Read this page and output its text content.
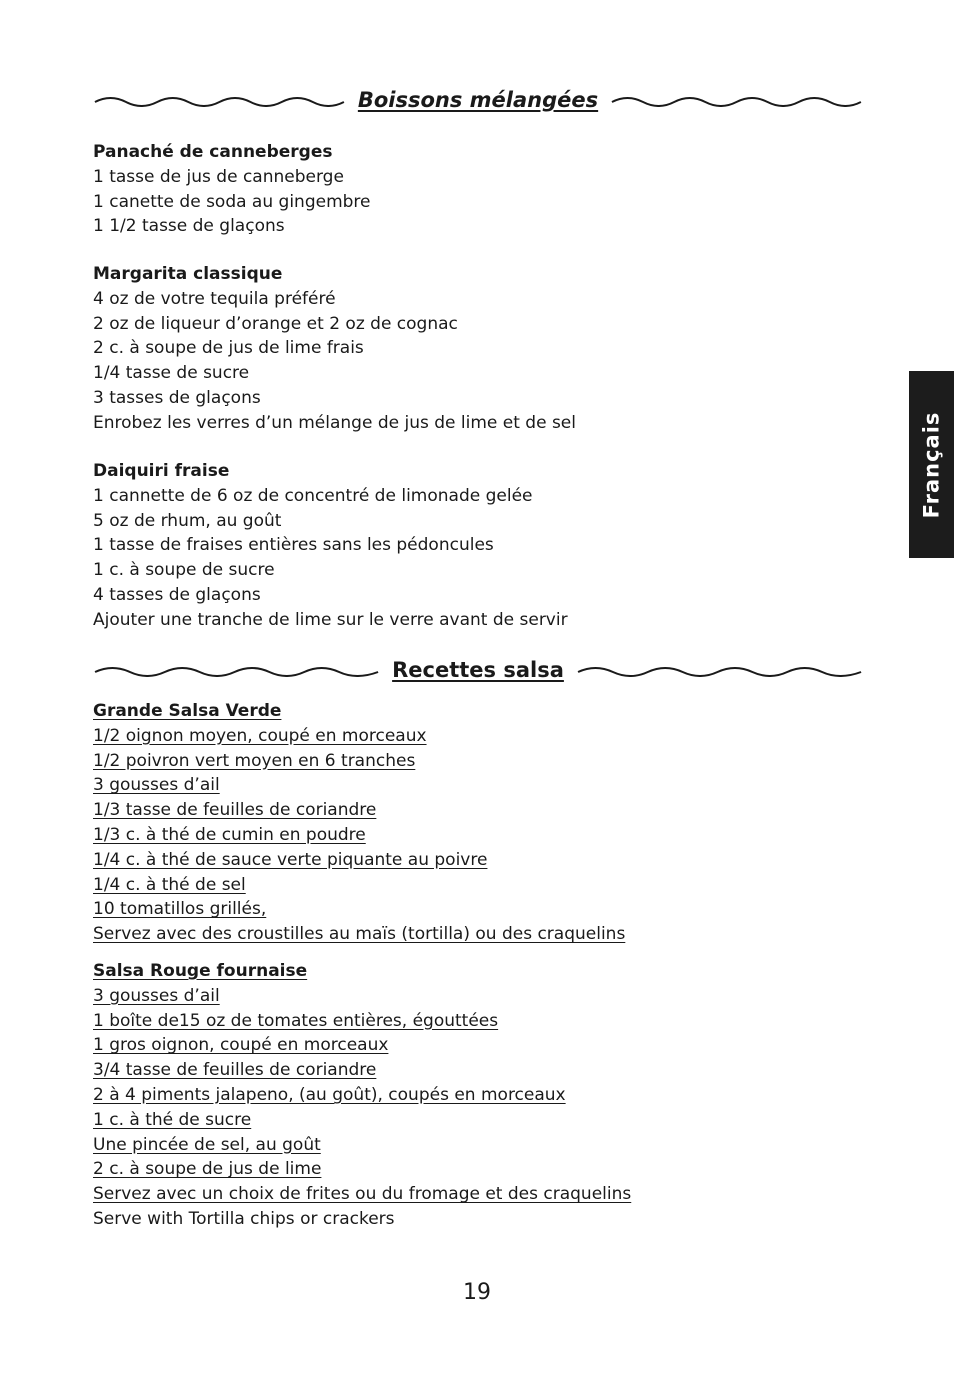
Boissons mélangées
Panaché de canneberges
1 tasse de jus de canneberge
1 canette de soda au gingembre
1 1/2 tasse de glaçons
Margarita classique
4 oz de votre tequila préféré
2 oz de liqueur d’orange et 2 oz de cognac
2 c. à soupe de jus de lime frais
1/4 tasse de sucre
3 tasses de glaçons
Enrobez les verres d’un mélange de jus de lime et de sel
Daiquiri fraise
1 cannette de 6 oz de concentré de limonade gelée
5 oz de rhum, au goût
1 tasse de fraises entières sans les pédoncules
1 c. à soupe de sucre
4 tasses de glaçons
Ajouter une tranche de lime sur le verre avant de servir
Recettes salsa
Grande Salsa Verde
1/2 oignon moyen, coupé en morceaux
1/2 poivron vert moyen en 6 tranches
3 gousses d’ail
1/3 tasse de feuilles de coriandre
1/3 c. à thé de cumin en poudre
1/4 c. à thé de sauce verte piquante au poivre
1/4 c. à thé de sel
10 tomatillos grillés,
Servez avec des croustilles au maïs (tortilla) ou des craquelins
Salsa Rouge fournaise
3 gousses d’ail
1 boîte de15 oz de tomates entières, égouttées
1 gros oignon, coupé en morceaux
3/4 tasse de feuilles de coriandre
2 à 4 piments jalapeno, (au goût), coupés en morceaux
1 c. à thé de sucre
Une pincée de sel, au goût
2 c. à soupe de jus de lime
Servez avec un choix de frites ou du fromage et des craquelins
Serve with Tortilla chips or crackers
Français
19
